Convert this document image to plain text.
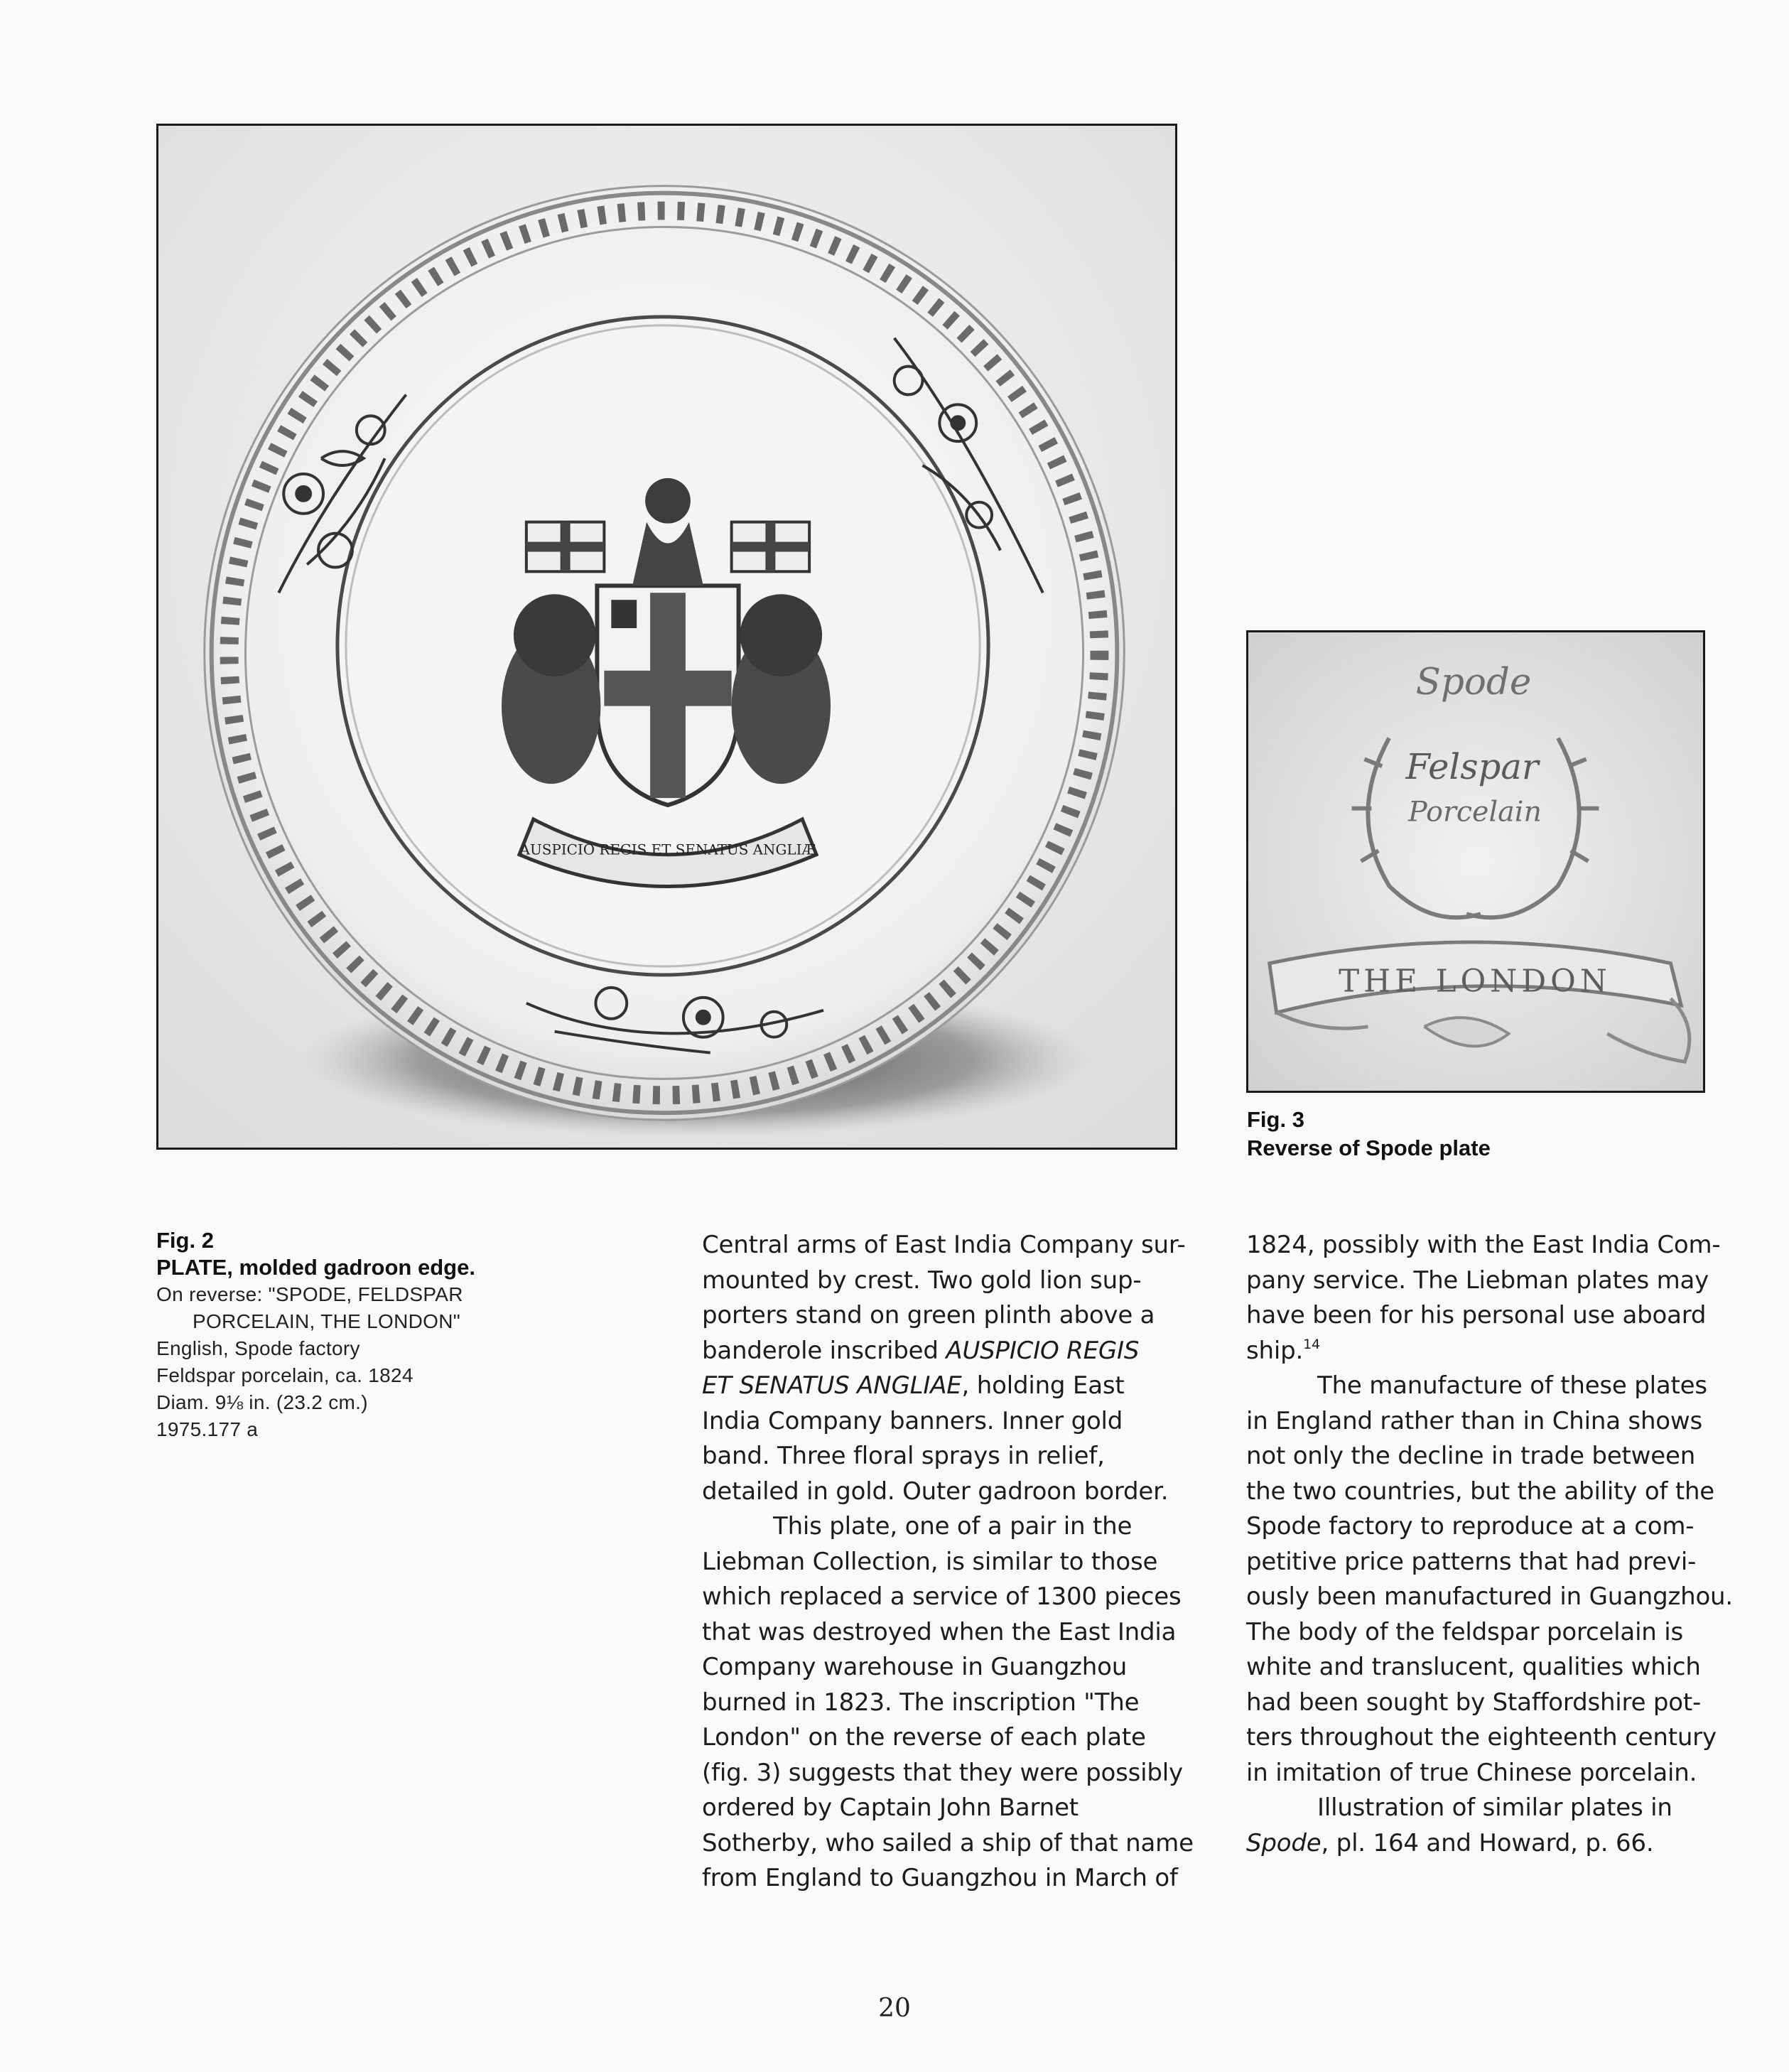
AUSPICIO REGIS ET SENATUS ANGLIÆ
Spode
Felspar
Porcelain
THE LONDON
Fig. 3
Reverse of Spode plate
Fig. 2
PLATE, molded gadroon edge.
On reverse: "SPODE, FELDSPAR
PORCELAIN, THE LONDON"
English, Spode factory
Feldspar porcelain, ca. 1824
Diam. 9⅛ in. (23.2 cm.)
1975.177 a

Central arms of East India Company sur-
mounted by crest. Two gold lion sup-
porters stand on green plinth above a
banderole inscribed AUSPICIO REGIS
ET SENATUS ANGLIAE, holding East
India Company banners. Inner gold
band. Three floral sprays in relief,
detailed in gold. Outer gadroon border.

This plate, one of a pair in the
Liebman Collection, is similar to those
which replaced a service of 1300 pieces
that was destroyed when the East India
Company warehouse in Guangzhou
burned in 1823. The inscription "The
London" on the reverse of each plate
(fig. 3) suggests that they were possibly
ordered by Captain John Barnet
Sotherby, who sailed a ship of that name
from England to Guangzhou in March of

1824, possibly with the East India Com-
pany service. The Liebman plates may
have been for his personal use aboard
ship.$^{14}$

The manufacture of these plates
in England rather than in China shows
not only the decline in trade between
the two countries, but the ability of the
Spode factory to reproduce at a com-
petitive price patterns that had previ-
ously been manufactured in Guangzhou.
The body of the feldspar porcelain is
white and translucent, qualities which
had been sought by Staffordshire pot-
ters throughout the eighteenth century
in imitation of true Chinese porcelain.

Illustration of similar plates in
Spode, pl. 164 and Howard, p. 66.

20
